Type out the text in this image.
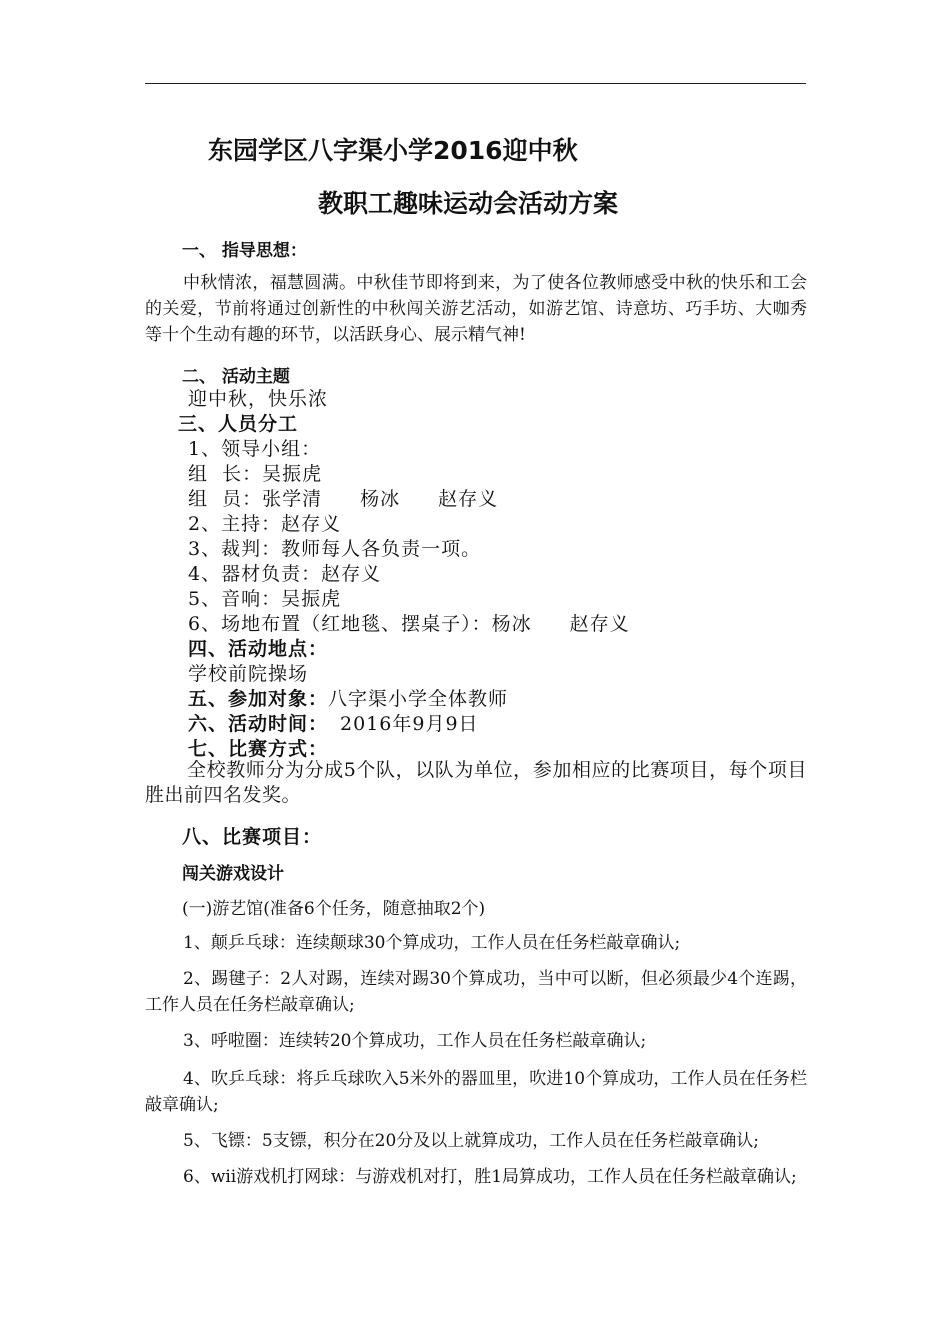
东园学区八字渠小学2016迎中秋
教职工趣味运动会活动方案
一、 指导思想：
中秋情浓，福慧圆满。中秋佳节即将到来，为了使各位教师感受中秋的快乐和工会的关爱，节前将通过创新性的中秋闯关游艺活动，如游艺馆、诗意坊、巧手坊、大咖秀等十个生动有趣的环节，以活跃身心、展示精气神!
二、 活动主题
迎中秋，快乐浓
三、人员分工
1、领导小组：
组  长：吴振虎
组  员：张学清 杨冰 赵存义
2、主持：赵存义
3、裁判：教师每人各负责一项。
4、器材负责：赵存义
5、音响：吴振虎
6、场地布置（红地毯、摆桌子）：杨冰 赵存义
四、活动地点：
学校前院操场
五、参加对象：八字渠小学全体教师
六、活动时间： 2016年9月9日
七、比赛方式：
全校教师分为分成5个队，以队为单位，参加相应的比赛项目，每个项目胜出前四名发奖。
八、比赛项目：
闯关游戏设计
(一)游艺馆(准备6个任务，随意抽取2个)
1、颠乒乓球：连续颠球30个算成功，工作人员在任务栏敲章确认;
2、踢毽子：2人对踢，连续对踢30个算成功，当中可以断，但必须最少4个连踢，工作人员在任务栏敲章确认;
3、呼啦圈：连续转20个算成功，工作人员在任务栏敲章确认;
4、吹乒乓球：将乒乓球吹入5米外的器皿里，吹进10个算成功，工作人员在任务栏敲章确认;
5、飞镖：5支镖，积分在20分及以上就算成功，工作人员在任务栏敲章确认;
6、wii游戏机打网球：与游戏机对打，胜1局算成功，工作人员在任务栏敲章确认;
